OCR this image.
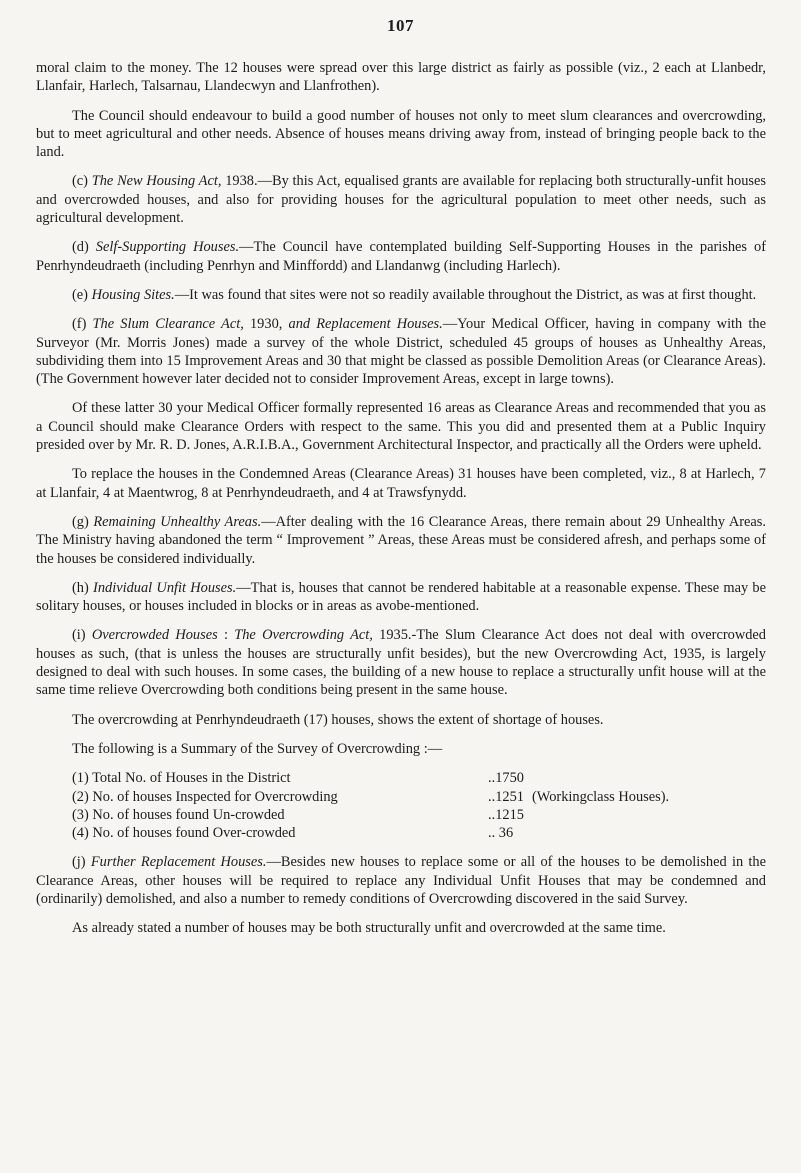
107

moral claim to the money. The 12 houses were spread over this large district as fairly as possible (viz., 2 each at Llanbedr, Llanfair, Harlech, Talsarnau, Llandecwyn and Llanfrothen).

The Council should endeavour to build a good number of houses not only to meet slum clearances and overcrowding, but to meet agricultural and other needs. Absence of houses means driving away from, instead of bringing people back to the land.

(c) The New Housing Act, 1938.—By this Act, equalised grants are available for replacing both structurally-unfit houses and overcrowded houses, and also for providing houses for the agricultural population to meet other needs, such as agricultural development.

(d) Self-Supporting Houses.—The Council have contemplated building Self-Supporting Houses in the parishes of Penrhyndeudraeth (including Penrhyn and Minffordd) and Llandanwg (including Harlech).

(e) Housing Sites.—It was found that sites were not so readily available throughout the District, as was at first thought.

(f) The Slum Clearance Act, 1930, and Replacement Houses.—Your Medical Officer, having in company with the Surveyor (Mr. Morris Jones) made a survey of the whole District, scheduled 45 groups of houses as Unhealthy Areas, subdividing them into 15 Improvement Areas and 30 that might be classed as possible Demolition Areas (or Clearance Areas). (The Government however later decided not to consider Improvement Areas, except in large towns).

Of these latter 30 your Medical Officer formally represented 16 areas as Clearance Areas and recommended that you as a Council should make Clearance Orders with respect to the same. This you did and presented them at a Public Inquiry presided over by Mr. R. D. Jones, A.R.I.B.A., Government Architectural Inspector, and practically all the Orders were upheld.

To replace the houses in the Condemned Areas (Clearance Areas) 31 houses have been completed, viz., 8 at Harlech, 7 at Llanfair, 4 at Maentwrog, 8 at Penrhyndeudraeth, and 4 at Trawsfynydd.

(g) Remaining Unhealthy Areas.—After dealing with the 16 Clearance Areas, there remain about 29 Unhealthy Areas. The Ministry having abandoned the term “ Improvement ” Areas, these Areas must be considered afresh, and perhaps some of the houses be considered individually.

(h) Individual Unfit Houses.—That is, houses that cannot be rendered habitable at a reasonable expense. These may be solitary houses, or houses included in blocks or in areas as avobe-mentioned.

(i) Overcrowded Houses : The Overcrowding Act, 1935.-The Slum Clearance Act does not deal with overcrowded houses as such, (that is unless the houses are structurally unfit besides), but the new Overcrowding Act, 1935, is largely designed to deal with such houses. In some cases, the building of a new house to replace a structurally unfit house will at the same time relieve Overcrowding both conditions being present in the same house.

The overcrowding at Penrhyndeudraeth (17) houses, shows the extent of shortage of houses.

The following is a Summary of the Survey of Overcrowding :—

(1) Total No. of Houses in the District	..1750
(2) No. of houses Inspected for Overcrowding	..1251 (Workingclass Houses).
(3) No. of houses found Un-crowded	..1215
(4) No. of houses found Over-crowded	.. 36

(j) Further Replacement Houses.—Besides new houses to replace some or all of the houses to be demolished in the Clearance Areas, other houses will be required to replace any Individual Unfit Houses that may be condemned and (ordinarily) demolished, and also a number to remedy conditions of Overcrowding discovered in the said Survey.

As already stated a number of houses may be both structurally unfit and overcrowded at the same time.
